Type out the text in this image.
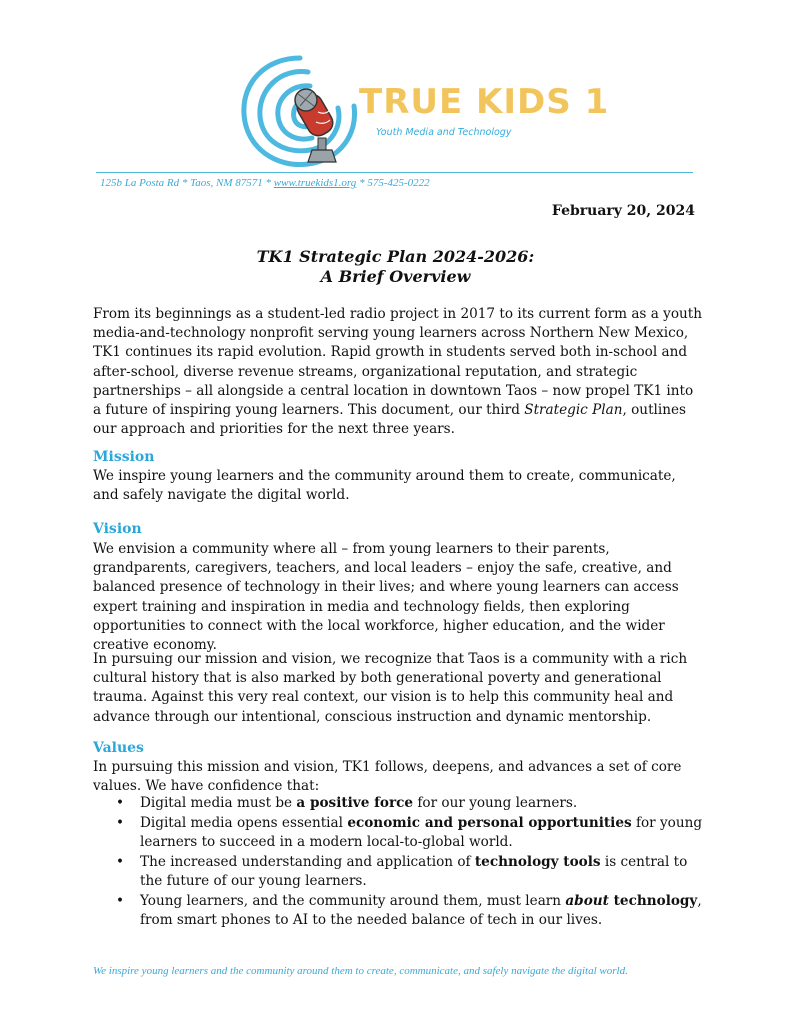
TRUE KIDS 1
Youth Media and Technology
125b La Posta Rd * Taos, NM 87571 * www.truekids1.org * 575-425-0222
February 20, 2024
TK1 Strategic Plan 2024-2026:
A Brief Overview
From its beginnings as a student-led radio project in 2017 to its current form as a youth media-and-technology nonprofit serving young learners across Northern New Mexico, TK1 continues its rapid evolution. Rapid growth in students served both in-school and after-school, diverse revenue streams, organizational reputation, and strategic partnerships – all alongside a central location in downtown Taos – now propel TK1 into a future of inspiring young learners. This document, our third Strategic Plan, outlines our approach and priorities for the next three years.
Mission
We inspire young learners and the community around them to create, communicate, and safely navigate the digital world.
Vision
We envision a community where all – from young learners to their parents, grandparents, caregivers, teachers, and local leaders – enjoy the safe, creative, and balanced presence of technology in their lives; and where young learners can access expert training and inspiration in media and technology fields, then exploring opportunities to connect with the local workforce, higher education, and the wider creative economy.
In pursuing our mission and vision, we recognize that Taos is a community with a rich cultural history that is also marked by both generational poverty and generational trauma. Against this very real context, our vision is to help this community heal and advance through our intentional, conscious instruction and dynamic mentorship.
Values
In pursuing this mission and vision, TK1 follows, deepens, and advances a set of core values. We have confidence that:
• Digital media must be a positive force for our young learners.
• Digital media opens essential economic and personal opportunities for young learners to succeed in a modern local-to-global world.
• The increased understanding and application of technology tools is central to the future of our young learners.
• Young learners, and the community around them, must learn about technology, from smart phones to AI to the needed balance of tech in our lives.
We inspire young learners and the community around them to create, communicate, and safely navigate the digital world.
